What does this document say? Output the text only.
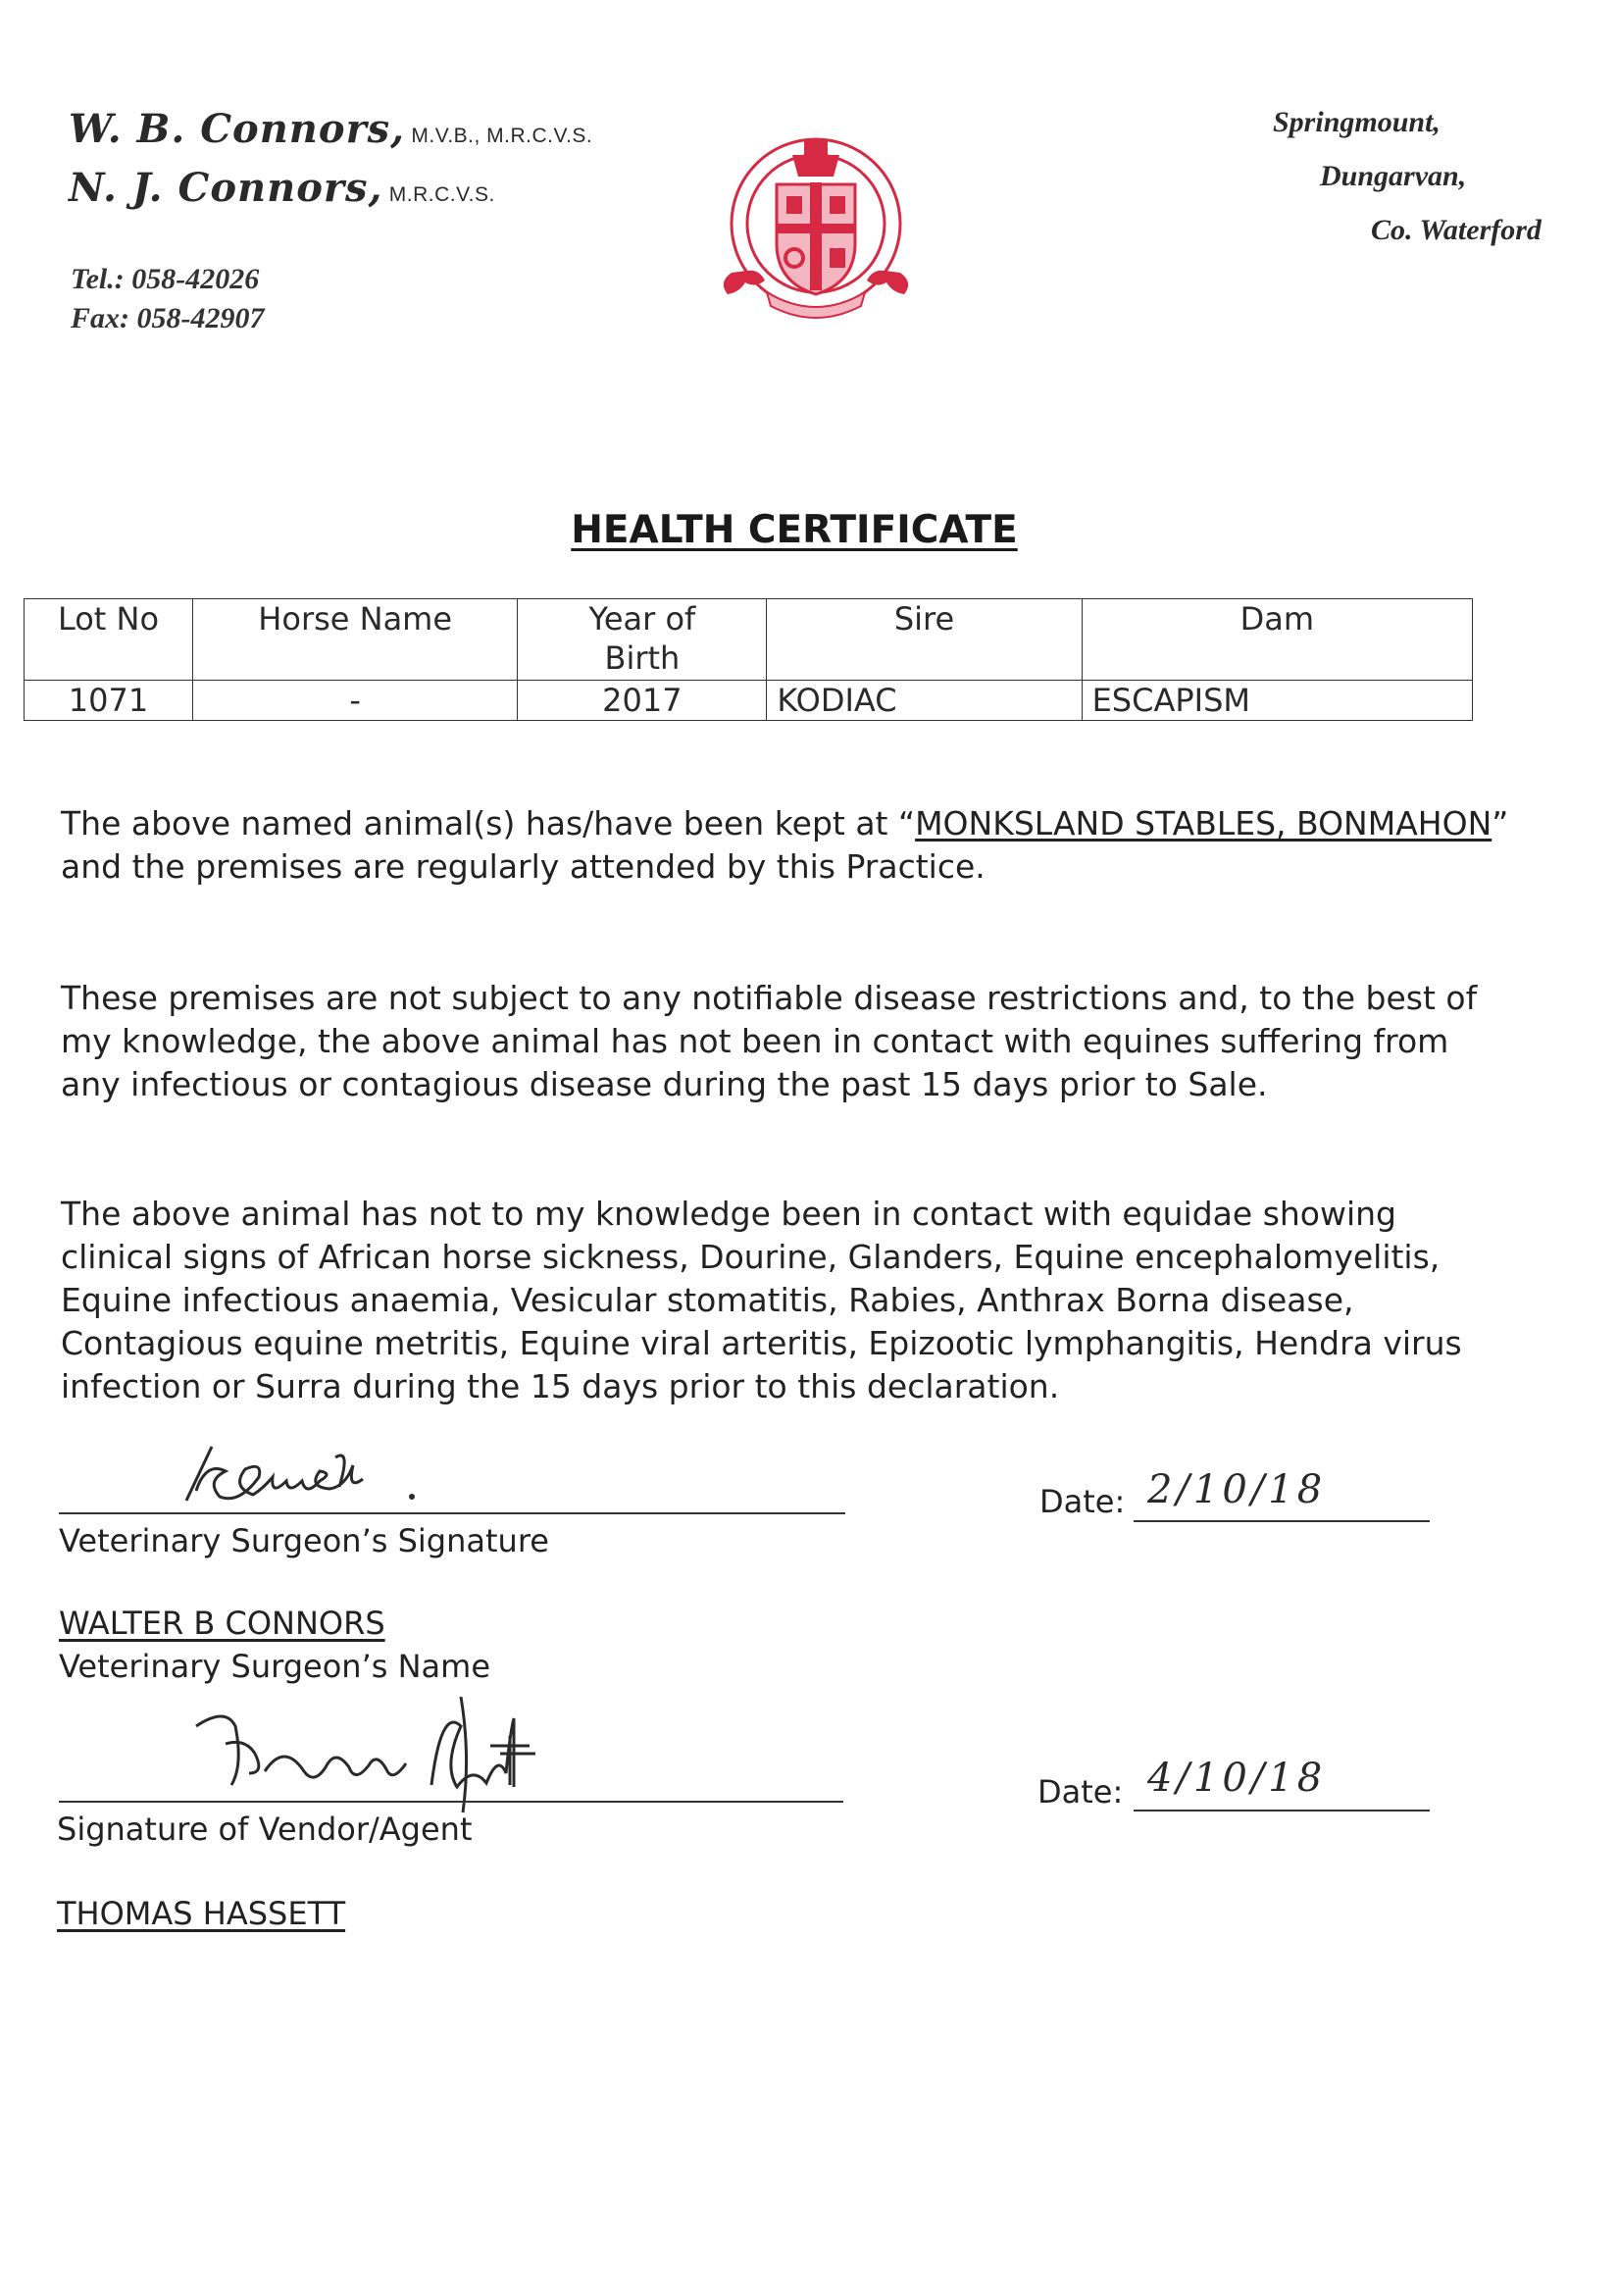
W. B. Connors, M.V.B., M.R.C.V.S.
N. J. Connors, M.R.C.V.S.
Tel.: 058-42026
Fax: 058-42907
Springmount,
Dungarvan,
Co. Waterford
HEALTH CERTIFICATE
Lot No	Horse Name	Year of Birth	Sire	Dam
1071	-	2017	KODIAC	ESCAPISM

The above named animal(s) has/have been kept at “MONKSLAND STABLES, BONMAHON” and the premises are regularly attended by this Practice.

These premises are not subject to any notifiable disease restrictions and, to the best of my knowledge, the above animal has not been in contact with equines suffering from any infectious or contagious disease during the past 15 days prior to Sale.

The above animal has not to my knowledge been in contact with equidae showing clinical signs of African horse sickness, Dourine, Glanders, Equine encephalomyelitis, Equine infectious anaemia, Vesicular stomatitis, Rabies, Anthrax Borna disease, Contagious equine metritis, Equine viral arteritis, Epizootic lymphangitis, Hendra virus infection or Surra during the 15 days prior to this declaration.

Veterinary Surgeon’s Signature
Date: 2/10/18
WALTER B CONNORS
Veterinary Surgeon’s Name
Signature of Vendor/Agent
Date: 4/10/18
THOMAS HASSETT
